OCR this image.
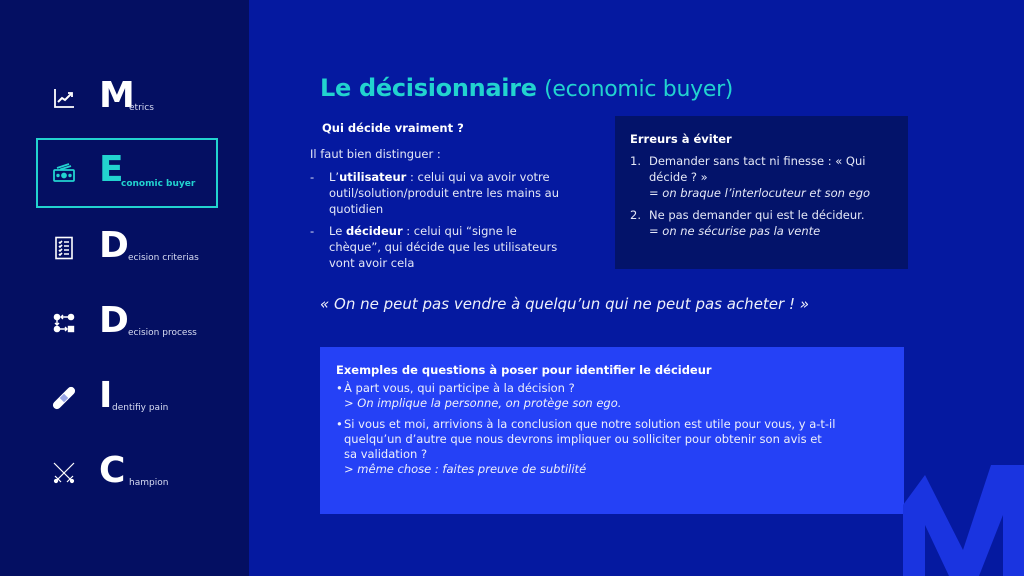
M
etrics
E
conomic buyer
D ecision criterias
D ecision process
I dentifiy pain
C hampion
Le décisionnaire (economic buyer)
Qui décide vraiment ?
Il faut bien distinguer :
- L’utilisateur : celui qui va avoir votre outil/solution/produit entre les mains au quotidien
- Le décideur : celui qui “signe le chèque”, qui décide que les utilisateurs vont avoir cela
Erreurs à éviter
1. Demander sans tact ni finesse : « Qui décide ? »
= on braque l’interlocuteur et son ego
2. Ne pas demander qui est le décideur.
= on ne sécurise pas la vente
« On ne peut pas vendre à quelqu’un qui ne peut pas acheter ! »
Exemples de questions à poser pour identifier le décideur
• À part vous, qui participe à la décision ?
> On implique la personne, on protège son ego.
• Si vous et moi, arrivions à la conclusion que notre solution est utile pour vous, y a-t-il quelqu’un d’autre que nous devrons impliquer ou solliciter pour obtenir son avis et sa validation ?
> même chose : faites preuve de subtilité
